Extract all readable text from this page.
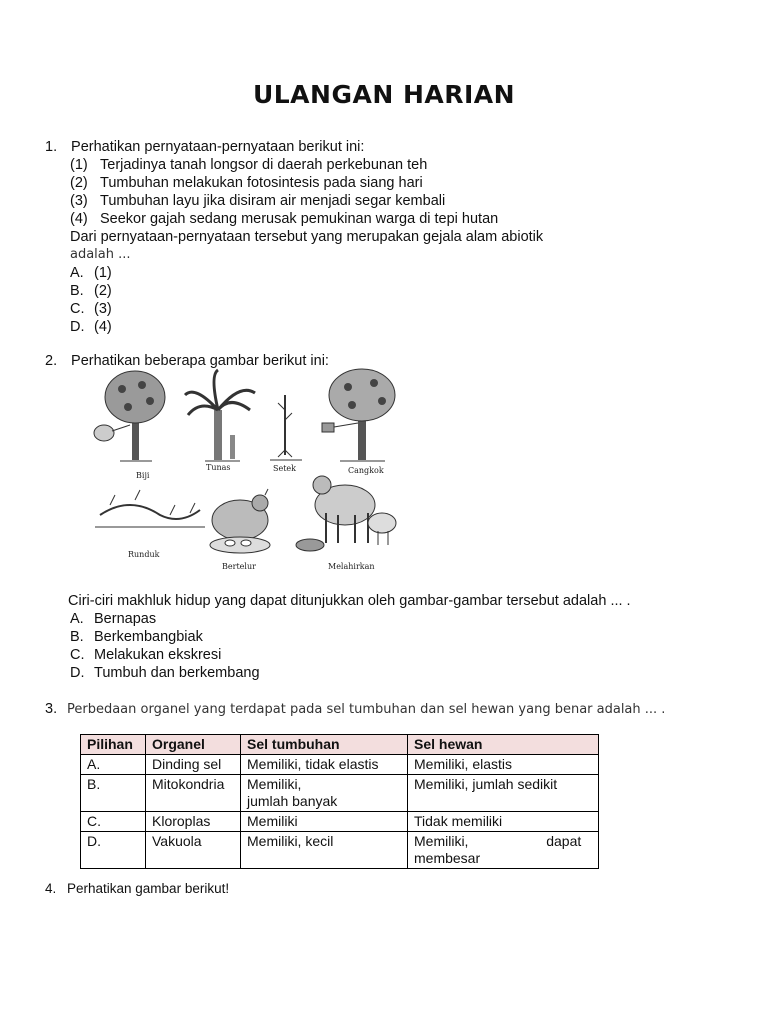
ULANGAN HARIAN
1. Perhatikan pernyataan-pernyataan berikut ini:
(1) Terjadinya tanah longsor di daerah perkebunan teh
(2) Tumbuhan melakukan fotosintesis pada siang hari
(3) Tumbuhan layu jika disiram air menjadi segar kembali
(4) Seekor gajah sedang merusak pemukinan warga di tepi hutan
Dari pernyataan-pernyataan tersebut yang merupakan gejala alam abiotik
adalah ...
A. (1)
B. (2)
C. (3)
D. (4)
2. Perhatikan beberapa gambar berikut ini:
Biji
Tunas	Setek	Cangkok
Runduk
Bertelur	Melahirkan
Ciri-ciri makhluk hidup yang dapat ditunjukkan oleh gambar-gambar tersebut adalah ... .
A. Bernapas
B. Berkembangbiak
C. Melakukan ekskresi
D. Tumbuh dan berkembang
3. Perbedaan organel yang terdapat pada sel tumbuhan dan sel hewan yang benar adalah ... .
Pilihan	Organel	Sel tumbuhan	Sel hewan
A.	Dinding sel	Memiliki, tidak elastis	Memiliki, elastis
B.	Mitokondria	Memiliki,                  jumlah banyak	Memiliki, jumlah sedikit
C.	Kloroplas	Memiliki	Tidak memiliki
D.	Vakuola	Memiliki, kecil	Memiliki,                    dapat membesar
4. Perhatikan gambar berikut!
